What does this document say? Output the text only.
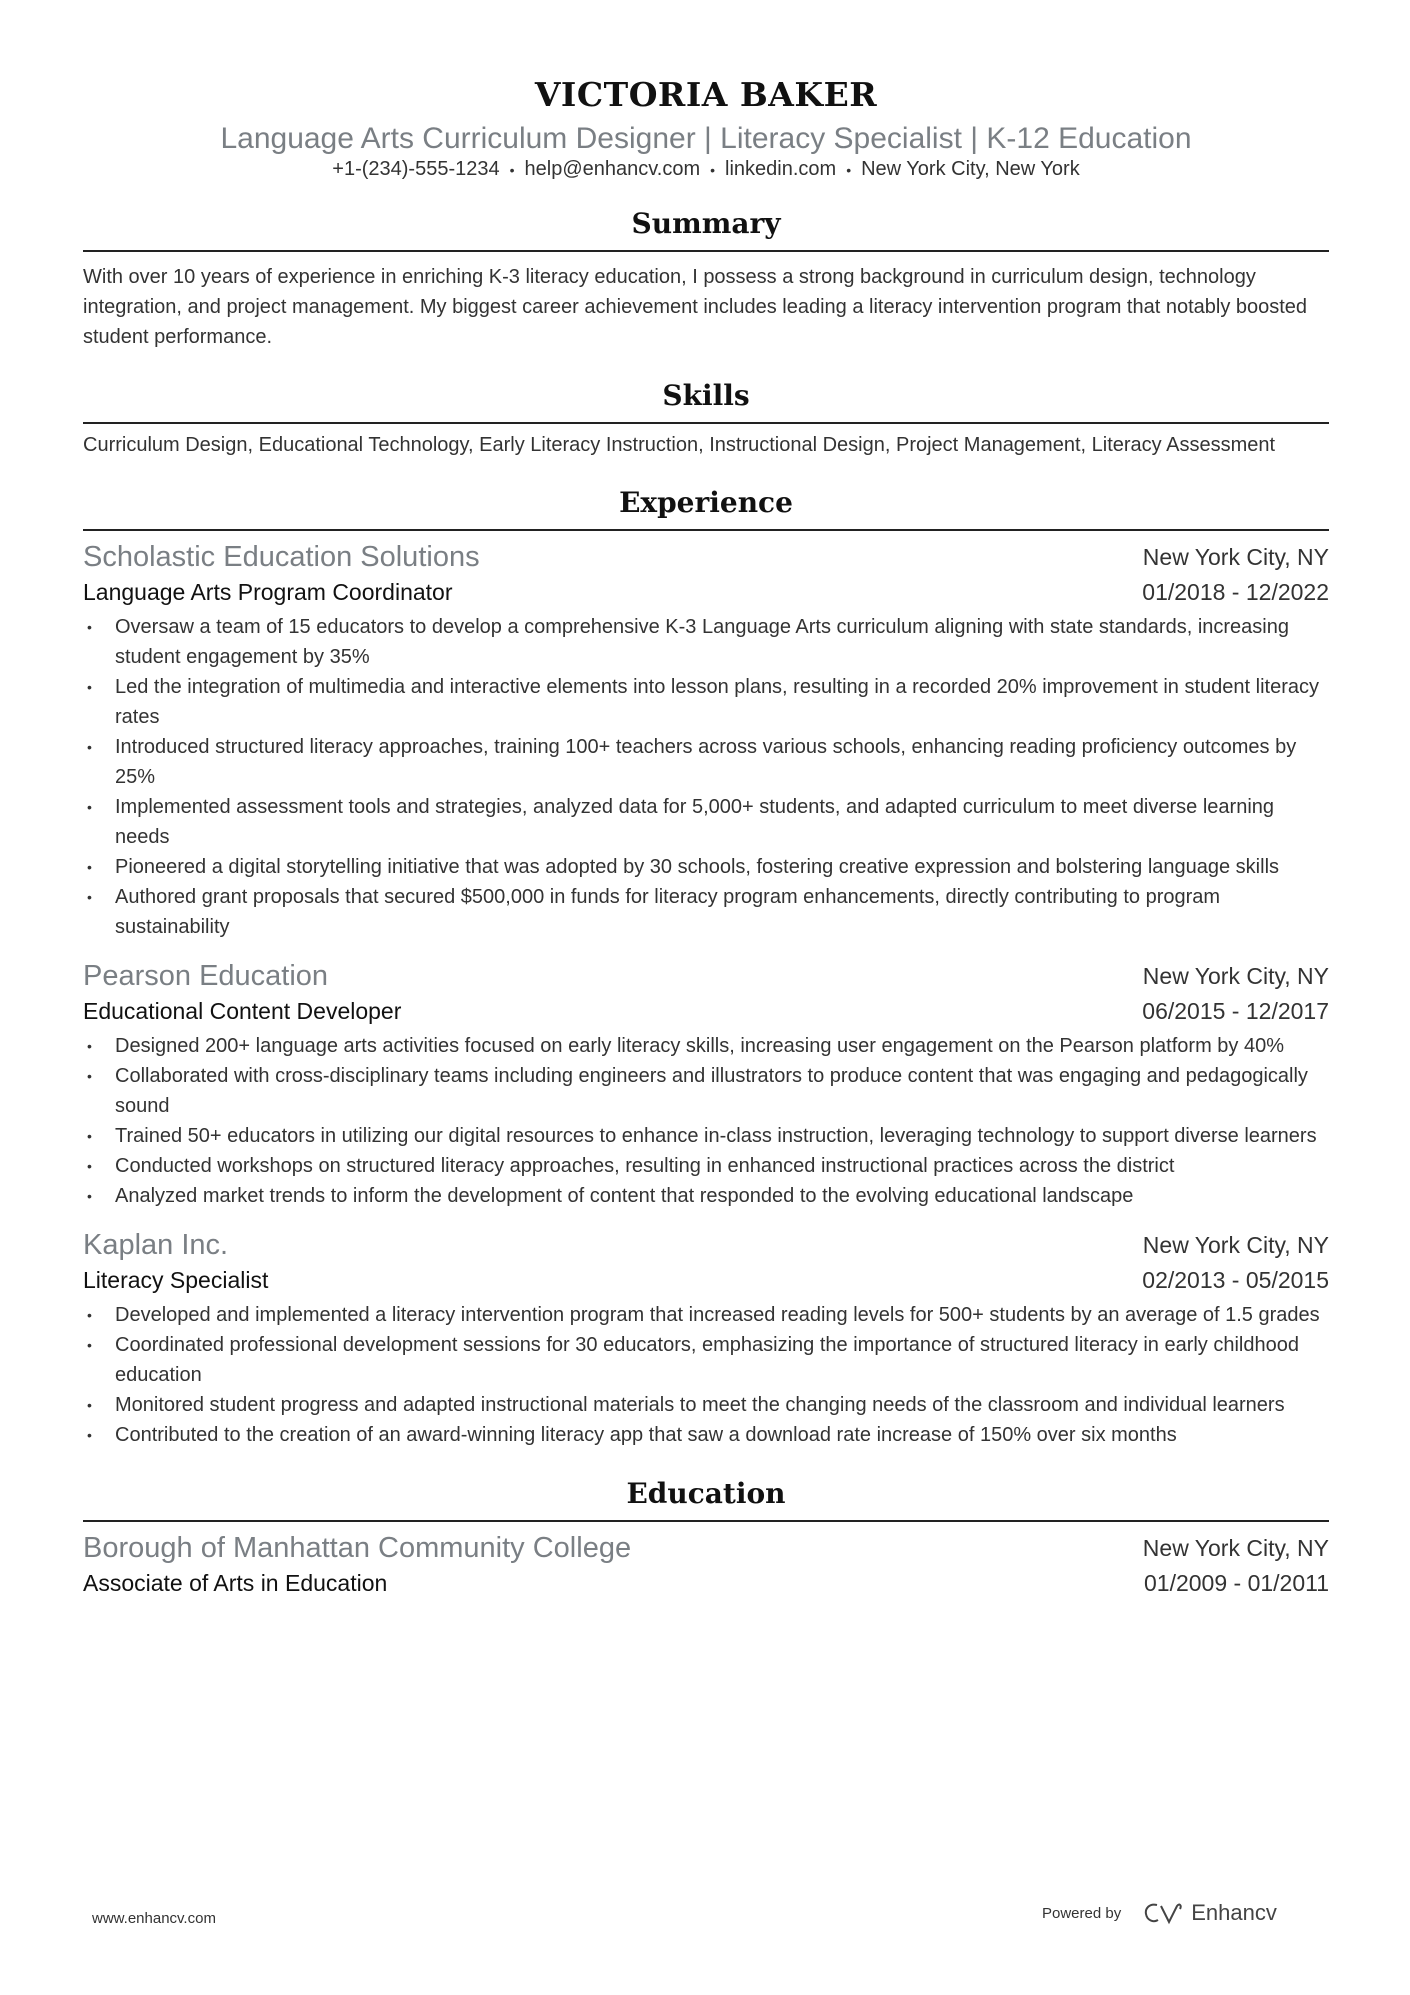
VICTORIA BAKER
Language Arts Curriculum Designer | Literacy Specialist | K-12 Education
+1-(234)-555-1234 • help@enhancv.com • linkedin.com • New York City, New York
Summary
With over 10 years of experience in enriching K-3 literacy education, I possess a strong background in curriculum design, technology integration, and project management. My biggest career achievement includes leading a literacy intervention program that notably boosted student performance.
Skills
Curriculum Design, Educational Technology, Early Literacy Instruction, Instructional Design, Project Management, Literacy Assessment
Experience
Scholastic Education Solutions	New York City, NY
Language Arts Program Coordinator	01/2018 - 12/2022
• Oversaw a team of 15 educators to develop a comprehensive K-3 Language Arts curriculum aligning with state standards, increasing student engagement by 35%
• Led the integration of multimedia and interactive elements into lesson plans, resulting in a recorded 20% improvement in student literacy rates
• Introduced structured literacy approaches, training 100+ teachers across various schools, enhancing reading proficiency outcomes by 25%
• Implemented assessment tools and strategies, analyzed data for 5,000+ students, and adapted curriculum to meet diverse learning needs
• Pioneered a digital storytelling initiative that was adopted by 30 schools, fostering creative expression and bolstering language skills
• Authored grant proposals that secured $500,000 in funds for literacy program enhancements, directly contributing to program sustainability
Pearson Education	New York City, NY
Educational Content Developer	06/2015 - 12/2017
• Designed 200+ language arts activities focused on early literacy skills, increasing user engagement on the Pearson platform by 40%
• Collaborated with cross-disciplinary teams including engineers and illustrators to produce content that was engaging and pedagogically sound
• Trained 50+ educators in utilizing our digital resources to enhance in-class instruction, leveraging technology to support diverse learners
• Conducted workshops on structured literacy approaches, resulting in enhanced instructional practices across the district
• Analyzed market trends to inform the development of content that responded to the evolving educational landscape
Kaplan Inc.	New York City, NY
Literacy Specialist	02/2013 - 05/2015
• Developed and implemented a literacy intervention program that increased reading levels for 500+ students by an average of 1.5 grades
• Coordinated professional development sessions for 30 educators, emphasizing the importance of structured literacy in early childhood education
• Monitored student progress and adapted instructional materials to meet the changing needs of the classroom and individual learners
• Contributed to the creation of an award-winning literacy app that saw a download rate increase of 150% over six months
Education
Borough of Manhattan Community College	New York City, NY
Associate of Arts in Education	01/2009 - 01/2011
www.enhancv.com	Powered by	Enhancv
